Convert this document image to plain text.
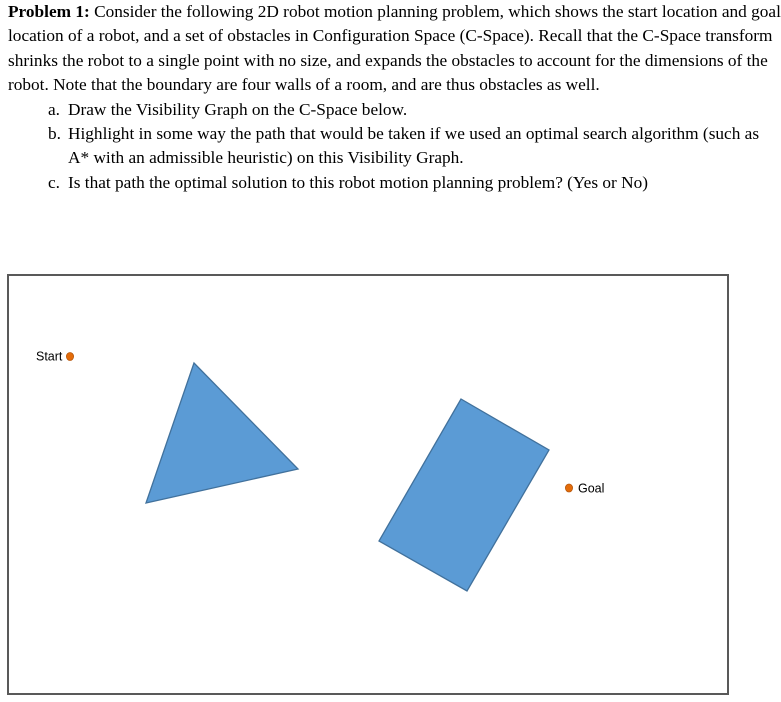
Problem 1: Consider the following 2D robot motion planning problem, which shows the start location and goal location of a robot, and a set of obstacles in Configuration Space (C-Space). Recall that the C-Space transform shrinks the robot to a single point with no size, and expands the obstacles to account for the dimensions of the robot. Note that the boundary are four walls of a room, and are thus obstacles as well.

a. Draw the Visibility Graph on the C-Space below.
b. Highlight in some way the path that would be taken if we used an optimal search algorithm (such as A* with an admissible heuristic) on this Visibility Graph.
c. Is that path the optimal solution to this robot motion planning problem? (Yes or No)
Start
Goal
